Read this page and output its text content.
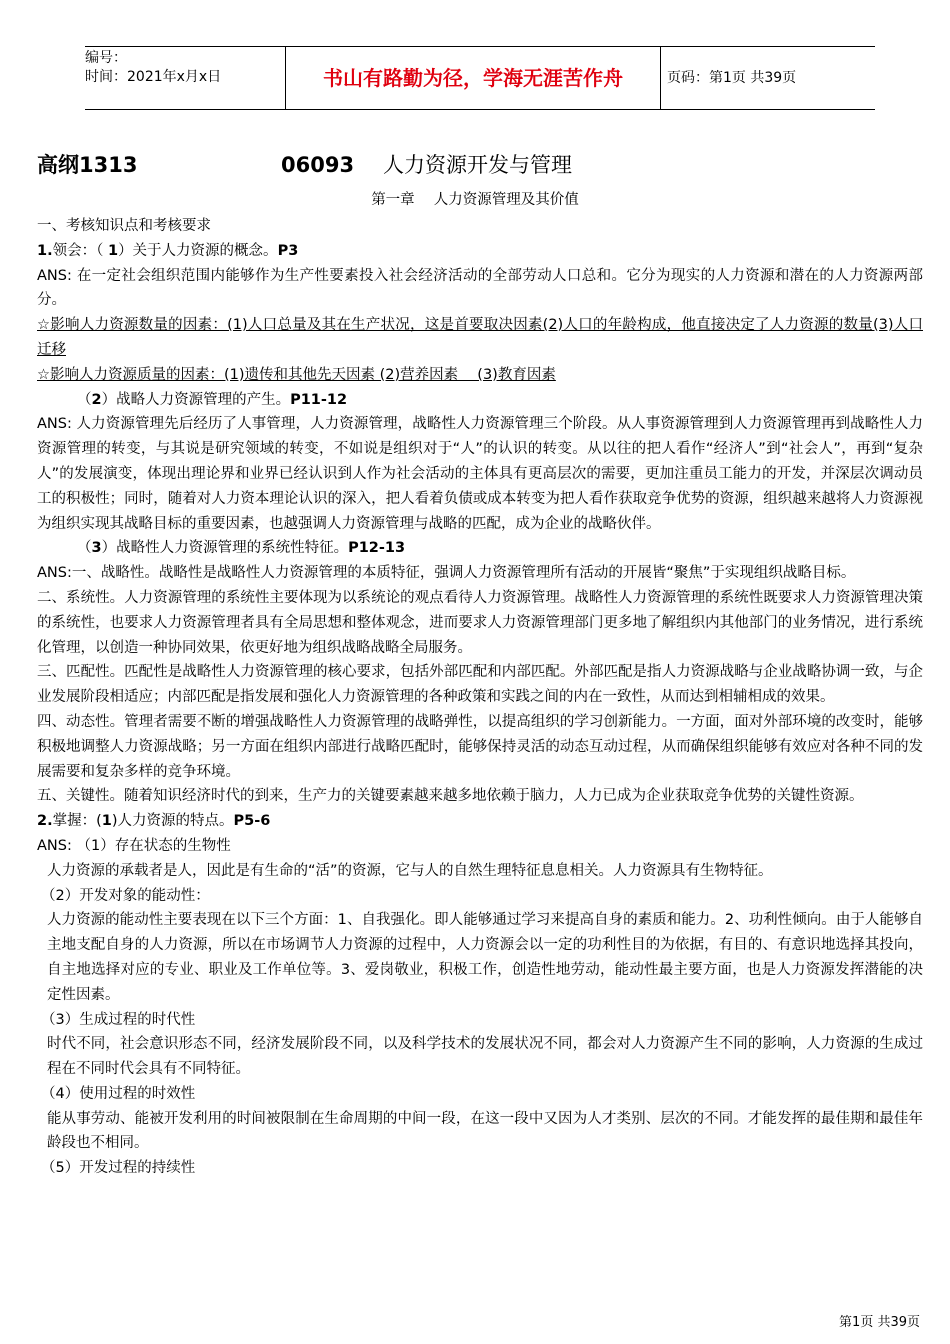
编号：
时间：2021年x月x日	书山有路勤为径，学海无涯苦作舟	页码：第1页 共39页
高纲1313	06093 人力资源开发与管理
第一章　 人力资源管理及其价值

一、考核知识点和考核要求

1.领会：（ 1）关于人力资源的概念。P3

ANS: 在一定社会组织范围内能够作为生产性要素投入社会经济活动的全部劳动人口总和。它分为现实的人力资源和潜在的人力资源两部分。

☆影响人力资源数量的因素：(1)人口总量及其在生产状况，这是首要取决因素(2)人口的年龄构成，他直接决定了人力资源的数量(3)人口迁移

☆影响人力资源质量的因素：(1)遗传和其他先天因素 (2)营养因素　 (3)教育因素

（2）战略人力资源管理的产生。P11-12

ANS: 人力资源管理先后经历了人事管理，人力资源管理，战略性人力资源管理三个阶段。从人事资源管理到人力资源管理再到战略性人力资源管理的转变，与其说是研究领域的转变，不如说是组织对于“人”的认识的转变。从以往的把人看作“经济人”到“社会人”，再到“复杂人”的发展演变，体现出理论界和业界已经认识到人作为社会活动的主体具有更高层次的需要，更加注重员工能力的开发，并深层次调动员工的积极性；同时，随着对人力资本理论认识的深入，把人看着负债或成本转变为把人看作获取竞争优势的资源，组织越来越将人力资源视为组织实现其战略目标的重要因素，也越强调人力资源管理与战略的匹配，成为企业的战略伙伴。

（3）战略性人力资源管理的系统性特征。P12-13

ANS:一、战略性。战略性是战略性人力资源管理的本质特征，强调人力资源管理所有活动的开展皆“聚焦”于实现组织战略目标。

二、系统性。人力资源管理的系统性主要体现为以系统论的观点看待人力资源管理。战略性人力资源管理的系统性既要求人力资源管理决策的系统性，也要求人力资源管理者具有全局思想和整体观念，进而要求人力资源管理部门更多地了解组织内其他部门的业务情况，进行系统化管理，以创造一种协同效果，依更好地为组织战略战略全局服务。

三、匹配性。匹配性是战略性人力资源管理的核心要求，包括外部匹配和内部匹配。外部匹配是指人力资源战略与企业战略协调一致，与企业发展阶段相适应；内部匹配是指发展和强化人力资源管理的各种政策和实践之间的内在一致性，从而达到相辅相成的效果。

四、动态性。管理者需要不断的增强战略性人力资源管理的战略弹性，以提高组织的学习创新能力。一方面，面对外部环境的改变时，能够积极地调整人力资源战略；另一方面在组织内部进行战略匹配时，能够保持灵活的动态互动过程，从而确保组织能够有效应对各种不同的发展需要和复杂多样的竞争环境。

五、关键性。随着知识经济时代的到来，生产力的关键要素越来越多地依赖于脑力，人力已成为企业获取竞争优势的关键性资源。

2.掌握：(1)人力资源的特点。P5-6

ANS: （1）存在状态的生物性

人力资源的承载者是人，因此是有生命的“活”的资源，它与人的自然生理特征息息相关。人力资源具有生物特征。

（2）开发对象的能动性：

人力资源的能动性主要表现在以下三个方面：1、自我强化。即人能够通过学习来提高自身的素质和能力。2、功利性倾向。由于人能够自主地支配自身的人力资源，所以在市场调节人力资源的过程中，人力资源会以一定的功利性目的为依据，有目的、有意识地选择其投向，自主地选择对应的专业、职业及工作单位等。3、爱岗敬业，积极工作，创造性地劳动，能动性最主要方面，也是人力资源发挥潜能的决定性因素。

（3）生成过程的时代性

时代不同，社会意识形态不同，经济发展阶段不同，以及科学技术的发展状况不同，都会对人力资源产生不同的影响，人力资源的生成过程在不同时代会具有不同特征。

（4）使用过程的时效性

能从事劳动、能被开发利用的时间被限制在生命周期的中间一段，在这一段中又因为人才类别、层次的不同。才能发挥的最佳期和最佳年龄段也不相同。

（5）开发过程的持续性

第1页 共39页
